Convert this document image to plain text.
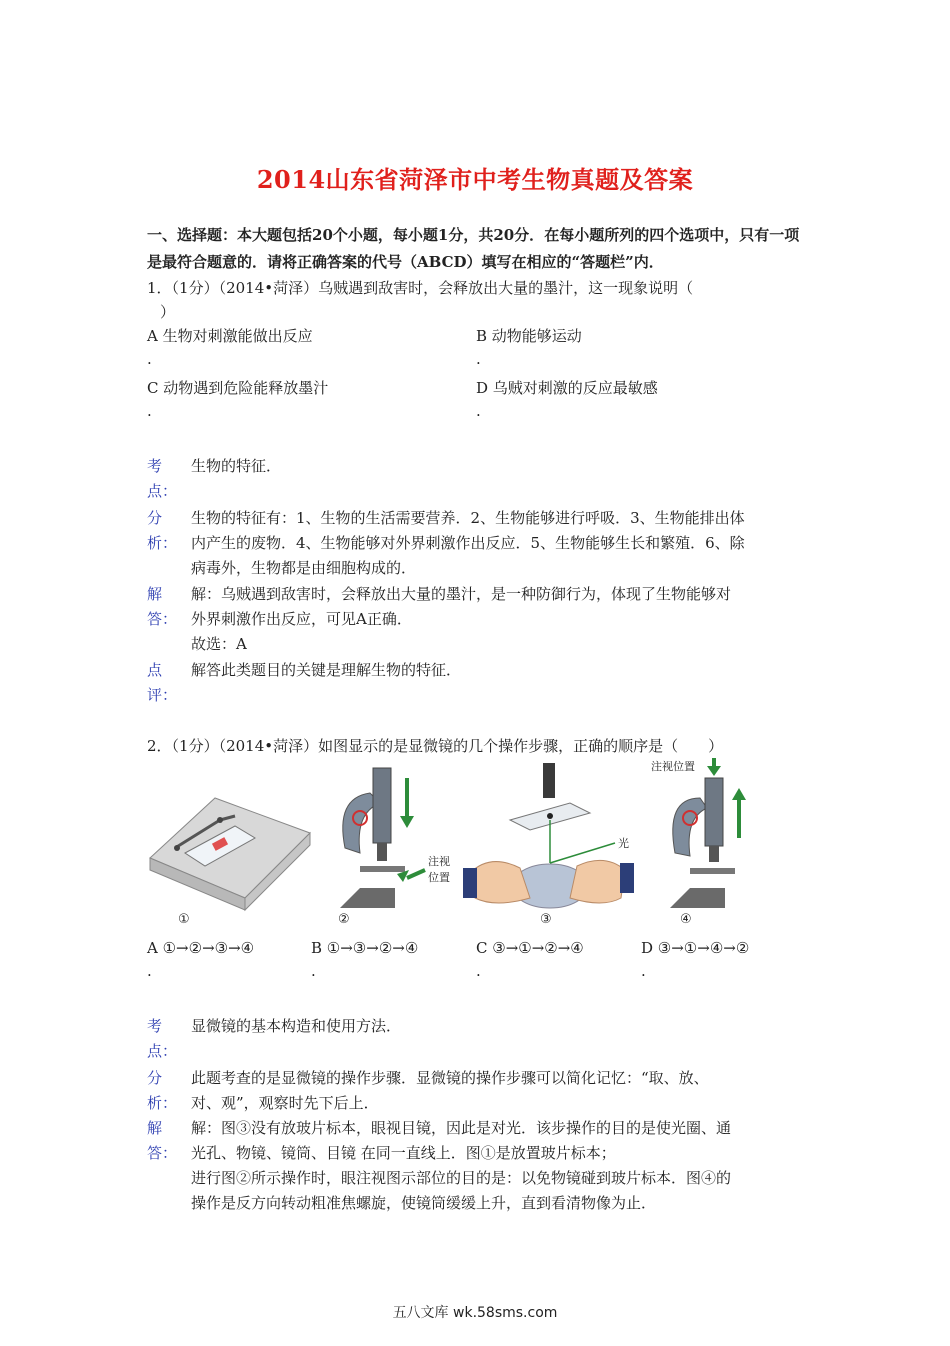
2014山东省菏泽市中考生物真题及答案
一、选择题：本大题包括20个小题，每小题1分，共20分．在每小题所列的四个选项中，只有一项是最符合题意的．请将正确答案的代号（ABCD）填写在相应的“答题栏”内．
1．（1分）（2014•菏泽）乌贼遇到敌害时，会释放出大量的墨汁，这一现象说明（
）
A 生物对刺激能做出反应
.
B 动物能够运动
.
C 动物遇到危险能释放墨汁
.
D 乌贼对刺激的反应最敏感
.
考
点：
生物的特征．
分
析：
生物的特征有：1、生物的生活需要营养．2、生物能够进行呼吸．3、生物能排出体
内产生的废物．4、生物能够对外界刺激作出反应．5、生物能够生长和繁殖．6、除
病毒外，生物都是由细胞构成的．
解
答：
解：乌贼遇到敌害时，会释放出大量的墨汁，是一种防御行为，体现了生物能够对
外界刺激作出反应，可见A正确．
故选：A
点
评：
解答此类题目的关键是理解生物的特征．
2．（1分）（2014•菏泽）如图显示的是显微镜的几个操作步骤，正确的顺序是（　　）
注视位置
注视
位置
光
①	②	③	④
A ①→②→③→④
.
B ①→③→②→④
.
C ③→①→②→④
.
D ③→①→④→②
.
考
点：
显微镜的基本构造和使用方法．
分
析：
此题考查的是显微镜的操作步骤．显微镜的操作步骤可以简化记忆：“取、放、
对、观”，观察时先下后上．
解
答：
解：图③没有放玻片标本，眼视目镜，因此是对光．该步操作的目的是使光圈、通
光孔、物镜、镜筒、目镜 在同一直线上．图①是放置玻片标本；
进行图②所示操作时，眼注视图示部位的目的是：以免物镜碰到玻片标本．图④的
操作是反方向转动粗准焦螺旋，使镜筒缓缓上升，直到看清物像为止．
五八文库 wk.58sms.com
